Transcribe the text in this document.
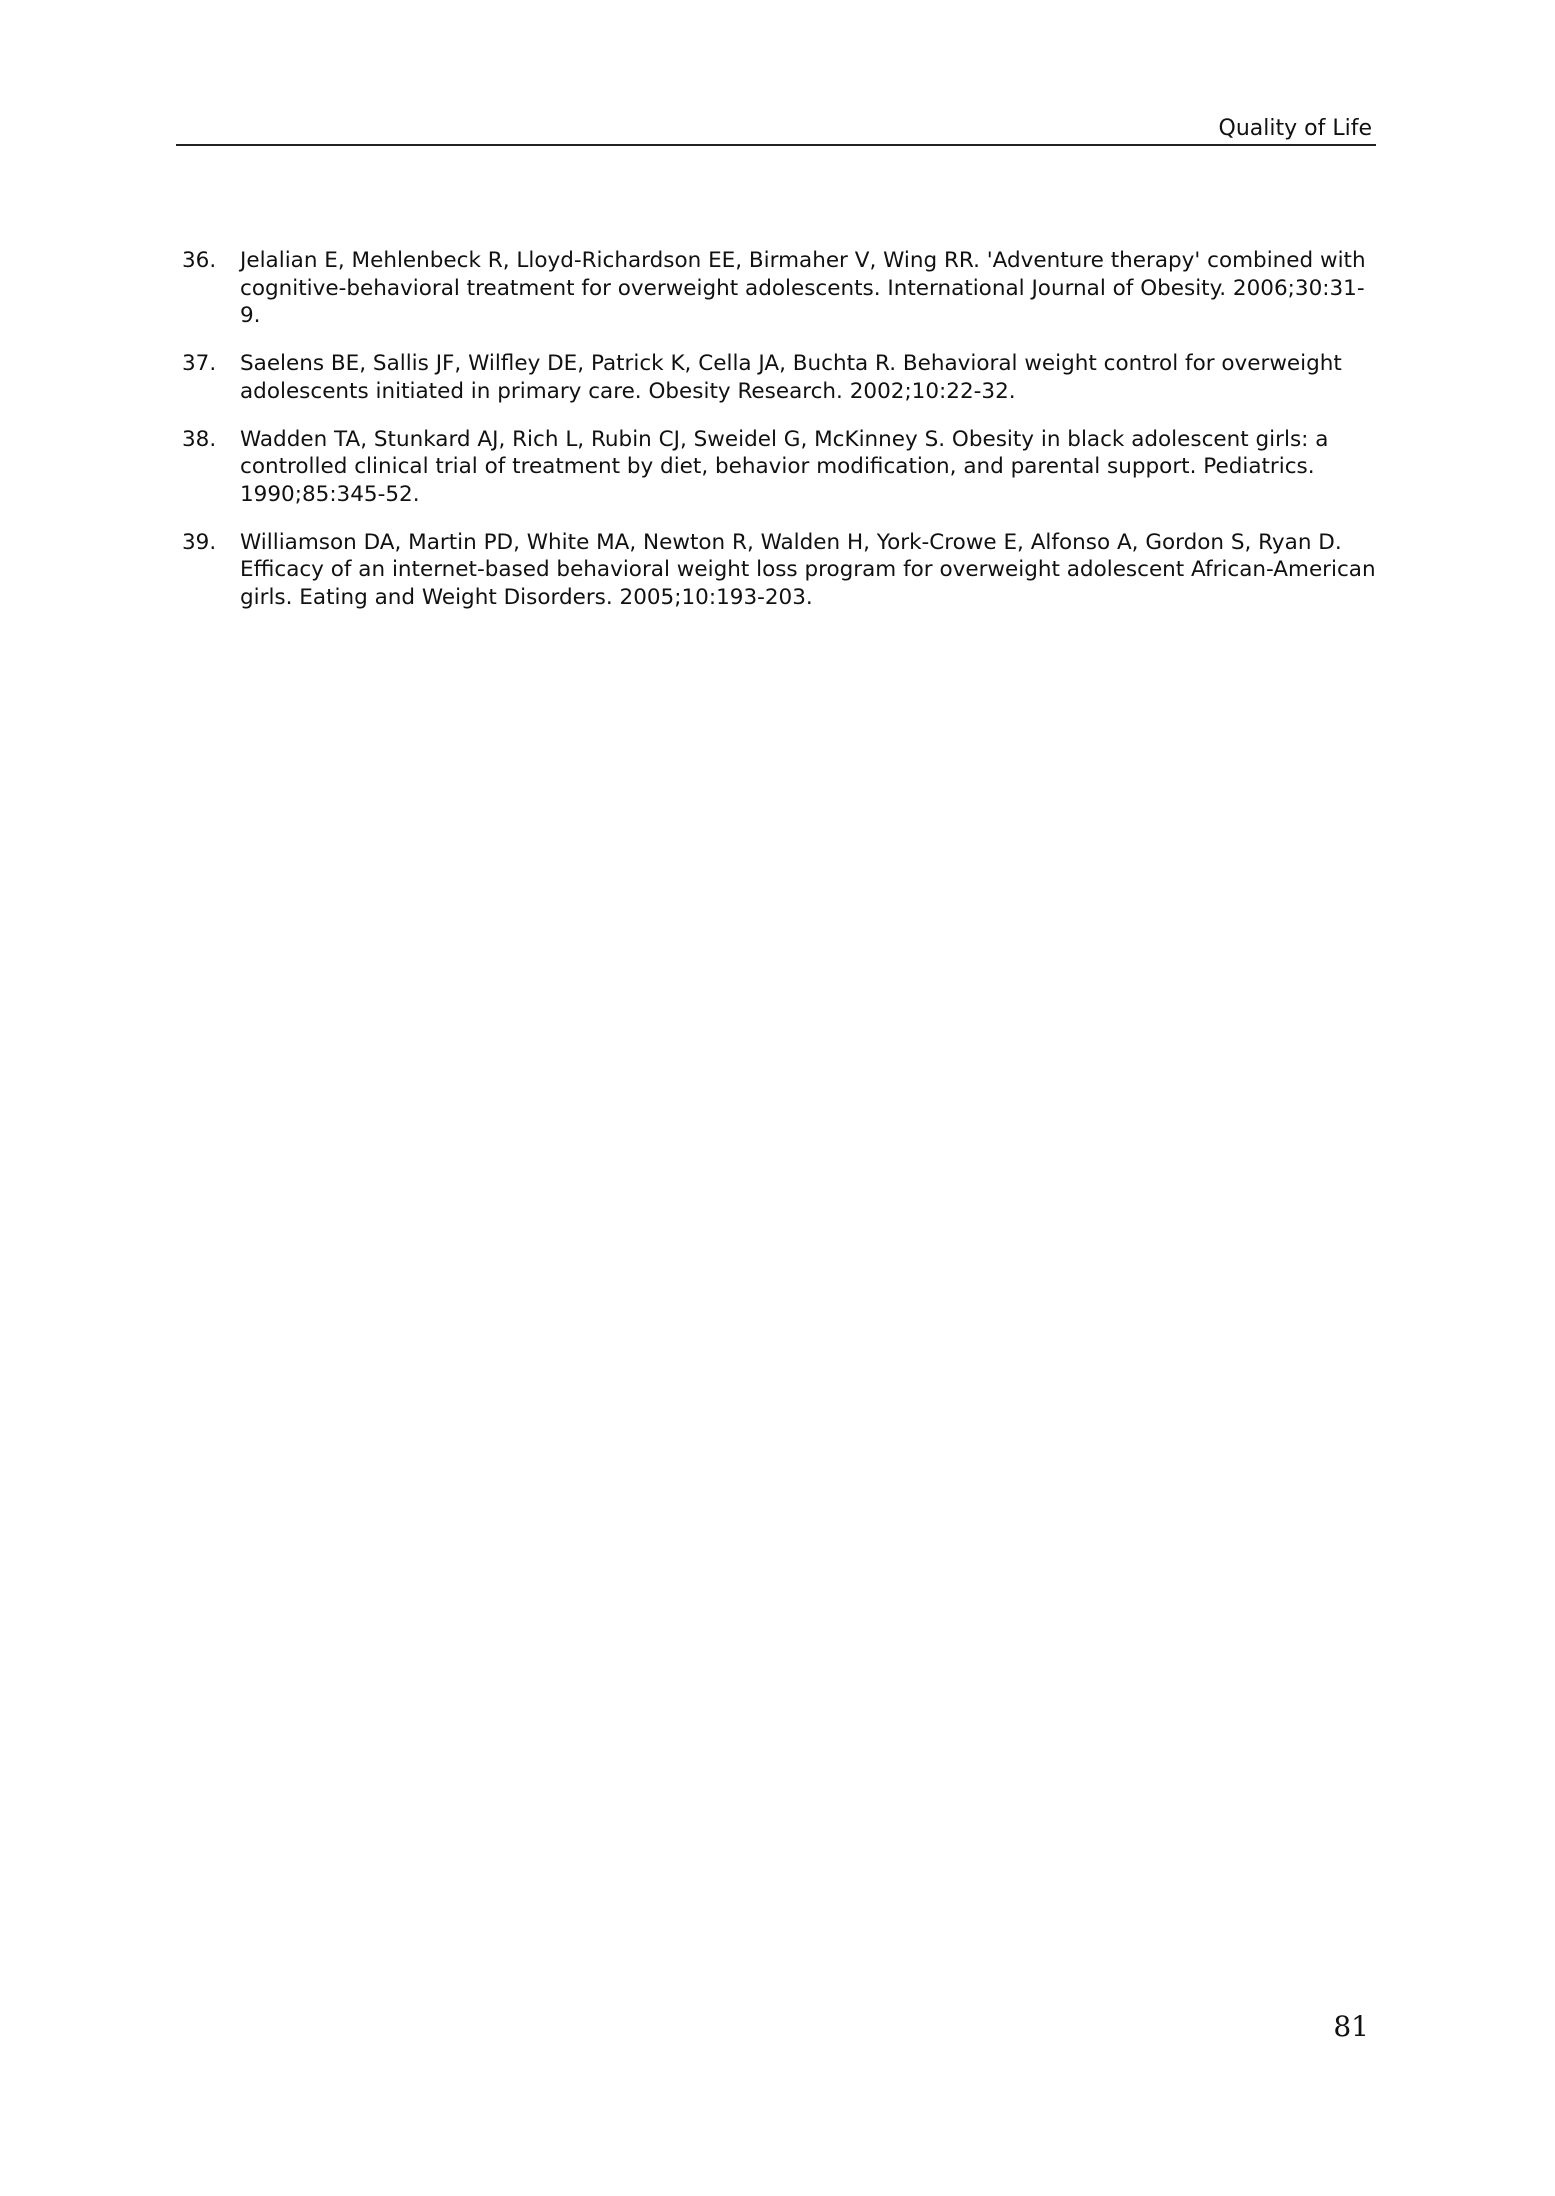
Quality of Life
36.	Jelalian E, Mehlenbeck R, Lloyd-Richardson EE, Birmaher V, Wing RR. 'Adventure therapy' combined with cognitive-behavioral treatment for overweight adolescents. International Journal of Obesity. 2006;30:31-9.
37.	Saelens BE, Sallis JF, Wilfley DE, Patrick K, Cella JA, Buchta R. Behavioral weight control for overweight adolescents initiated in primary care. Obesity Research. 2002;10:22-32.
38.	Wadden TA, Stunkard AJ, Rich L, Rubin CJ, Sweidel G, McKinney S. Obesity in black adolescent girls: a controlled clinical trial of treatment by diet, behavior modification, and parental support. Pediatrics. 1990;85:345-52.
39.	Williamson DA, Martin PD, White MA, Newton R, Walden H, York-Crowe E, Alfonso A, Gordon S, Ryan D. Efficacy of an internet-based behavioral weight loss program for overweight adolescent African-American girls. Eating and Weight Disorders. 2005;10:193-203.
81
